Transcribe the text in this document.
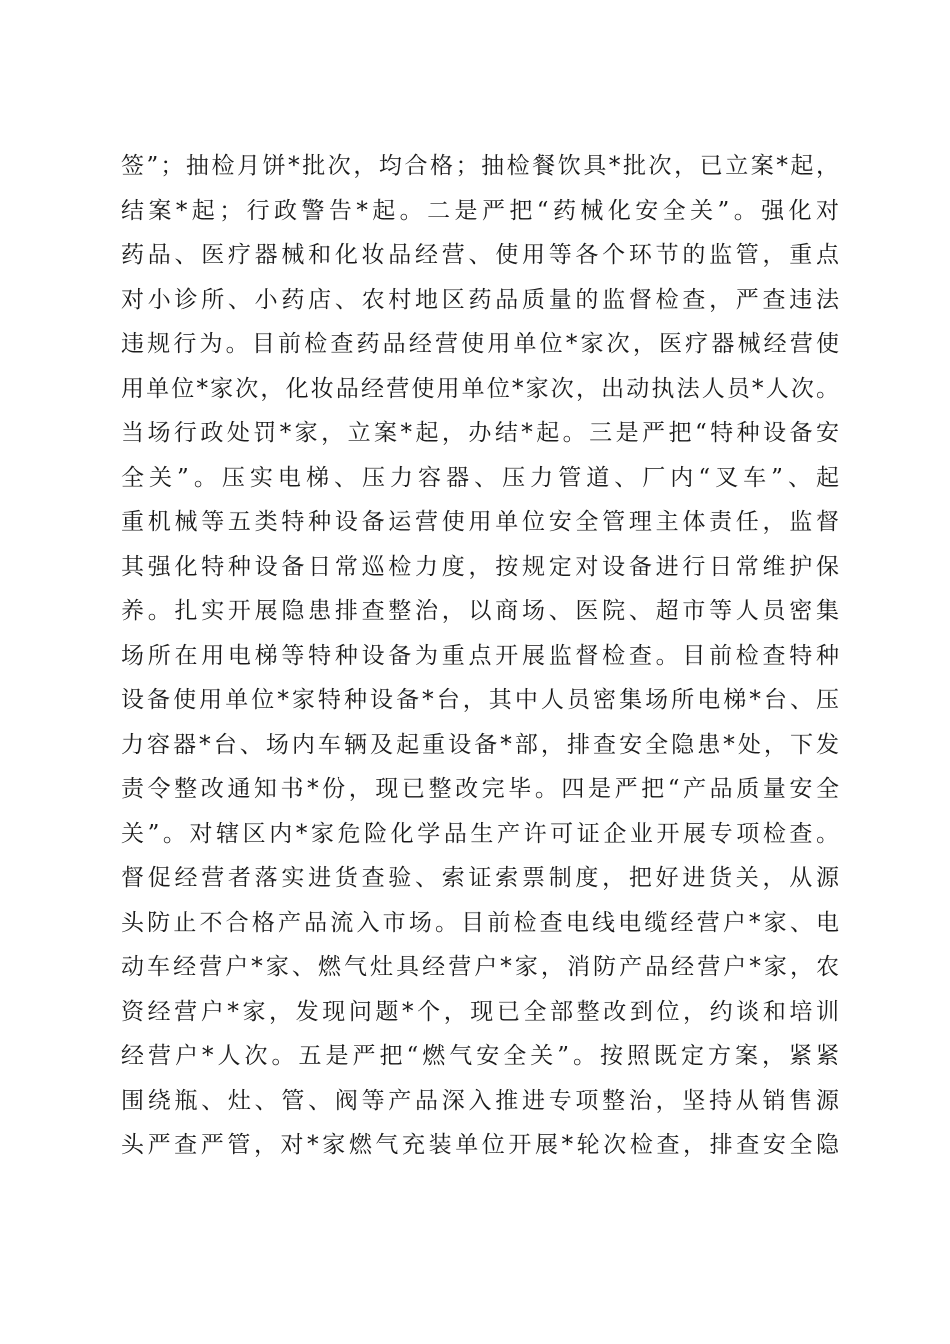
签”；抽检月饼*批次，均合格；抽检餐饮具*批次，已立案*起，
结案*起；行政警告*起。二是严把“药械化安全关”。强化对
药品、医疗器械和化妆品经营、使用等各个环节的监管，重点
对小诊所、小药店、农村地区药品质量的监督检查，严查违法
违规行为。目前检查药品经营使用单位*家次，医疗器械经营使
用单位*家次，化妆品经营使用单位*家次，出动执法人员*人次。
当场行政处罚*家，立案*起，办结*起。三是严把“特种设备安
全关”。压实电梯、压力容器、压力管道、厂内“叉车”、起
重机械等五类特种设备运营使用单位安全管理主体责任，监督
其强化特种设备日常巡检力度，按规定对设备进行日常维护保
养。扎实开展隐患排查整治，以商场、医院、超市等人员密集
场所在用电梯等特种设备为重点开展监督检查。目前检查特种
设备使用单位*家特种设备*台，其中人员密集场所电梯*台、压
力容器*台、场内车辆及起重设备*部，排查安全隐患*处，下发
责令整改通知书*份，现已整改完毕。四是严把“产品质量安全
关”。对辖区内*家危险化学品生产许可证企业开展专项检查。
督促经营者落实进货查验、索证索票制度，把好进货关，从源
头防止不合格产品流入市场。目前检查电线电缆经营户*家、电
动车经营户*家、燃气灶具经营户*家，消防产品经营户*家，农
资经营户*家，发现问题*个，现已全部整改到位，约谈和培训
经营户*人次。五是严把“燃气安全关”。按照既定方案，紧紧
围绕瓶、灶、管、阀等产品深入推进专项整治，坚持从销售源
头严查严管，对*家燃气充装单位开展*轮次检查，排查安全隐
